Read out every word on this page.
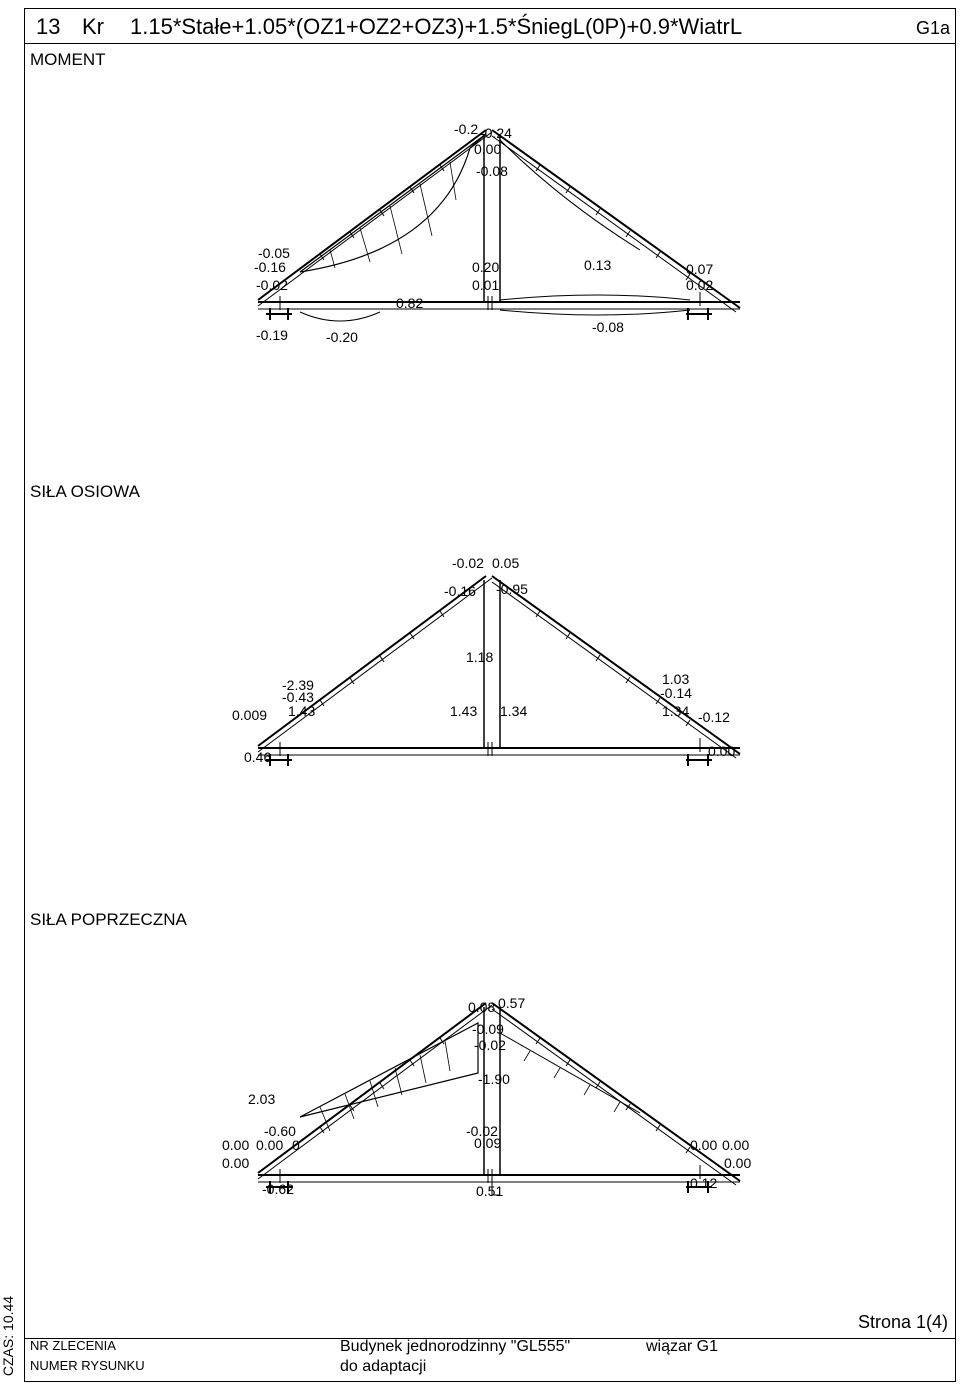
13 Kr 1.15*Stałe+1.05*(OZ1+OZ2+OZ3)+1.5*ŚniegL(0P)+0.9*WiatrL	G1a
MOMENT
SIŁA OSIOWA
SIŁA POPRZECZNA
-0.2 -0.24
0.00
-0.08
-0.16
-0.02
0.20
0.01
0.13
0.02
0.82
-0.19	-0.20
-0.08
-0.05
0.07
-0.02 0.05
-0.16 -0.95
1.18
-2.39
-0.43
1.43	1.43 1.34	1.34
-0.14
-0.12
0.00
0.009
0.46
1.03
0.08 0.57
-0.09
-0.02
-1.90
2.03
0.00 0.00 0
0.00
-0.62
0.09
0.51
0.00 0.00
0.00
0.12
-0.60	-0.02
CZAS: 10.44	Strona 1(4)
NR ZLECENIA
NUMER RYSUNKU
Budynek jednorodzinny "GL555"
do adaptacji
wiązar G1
